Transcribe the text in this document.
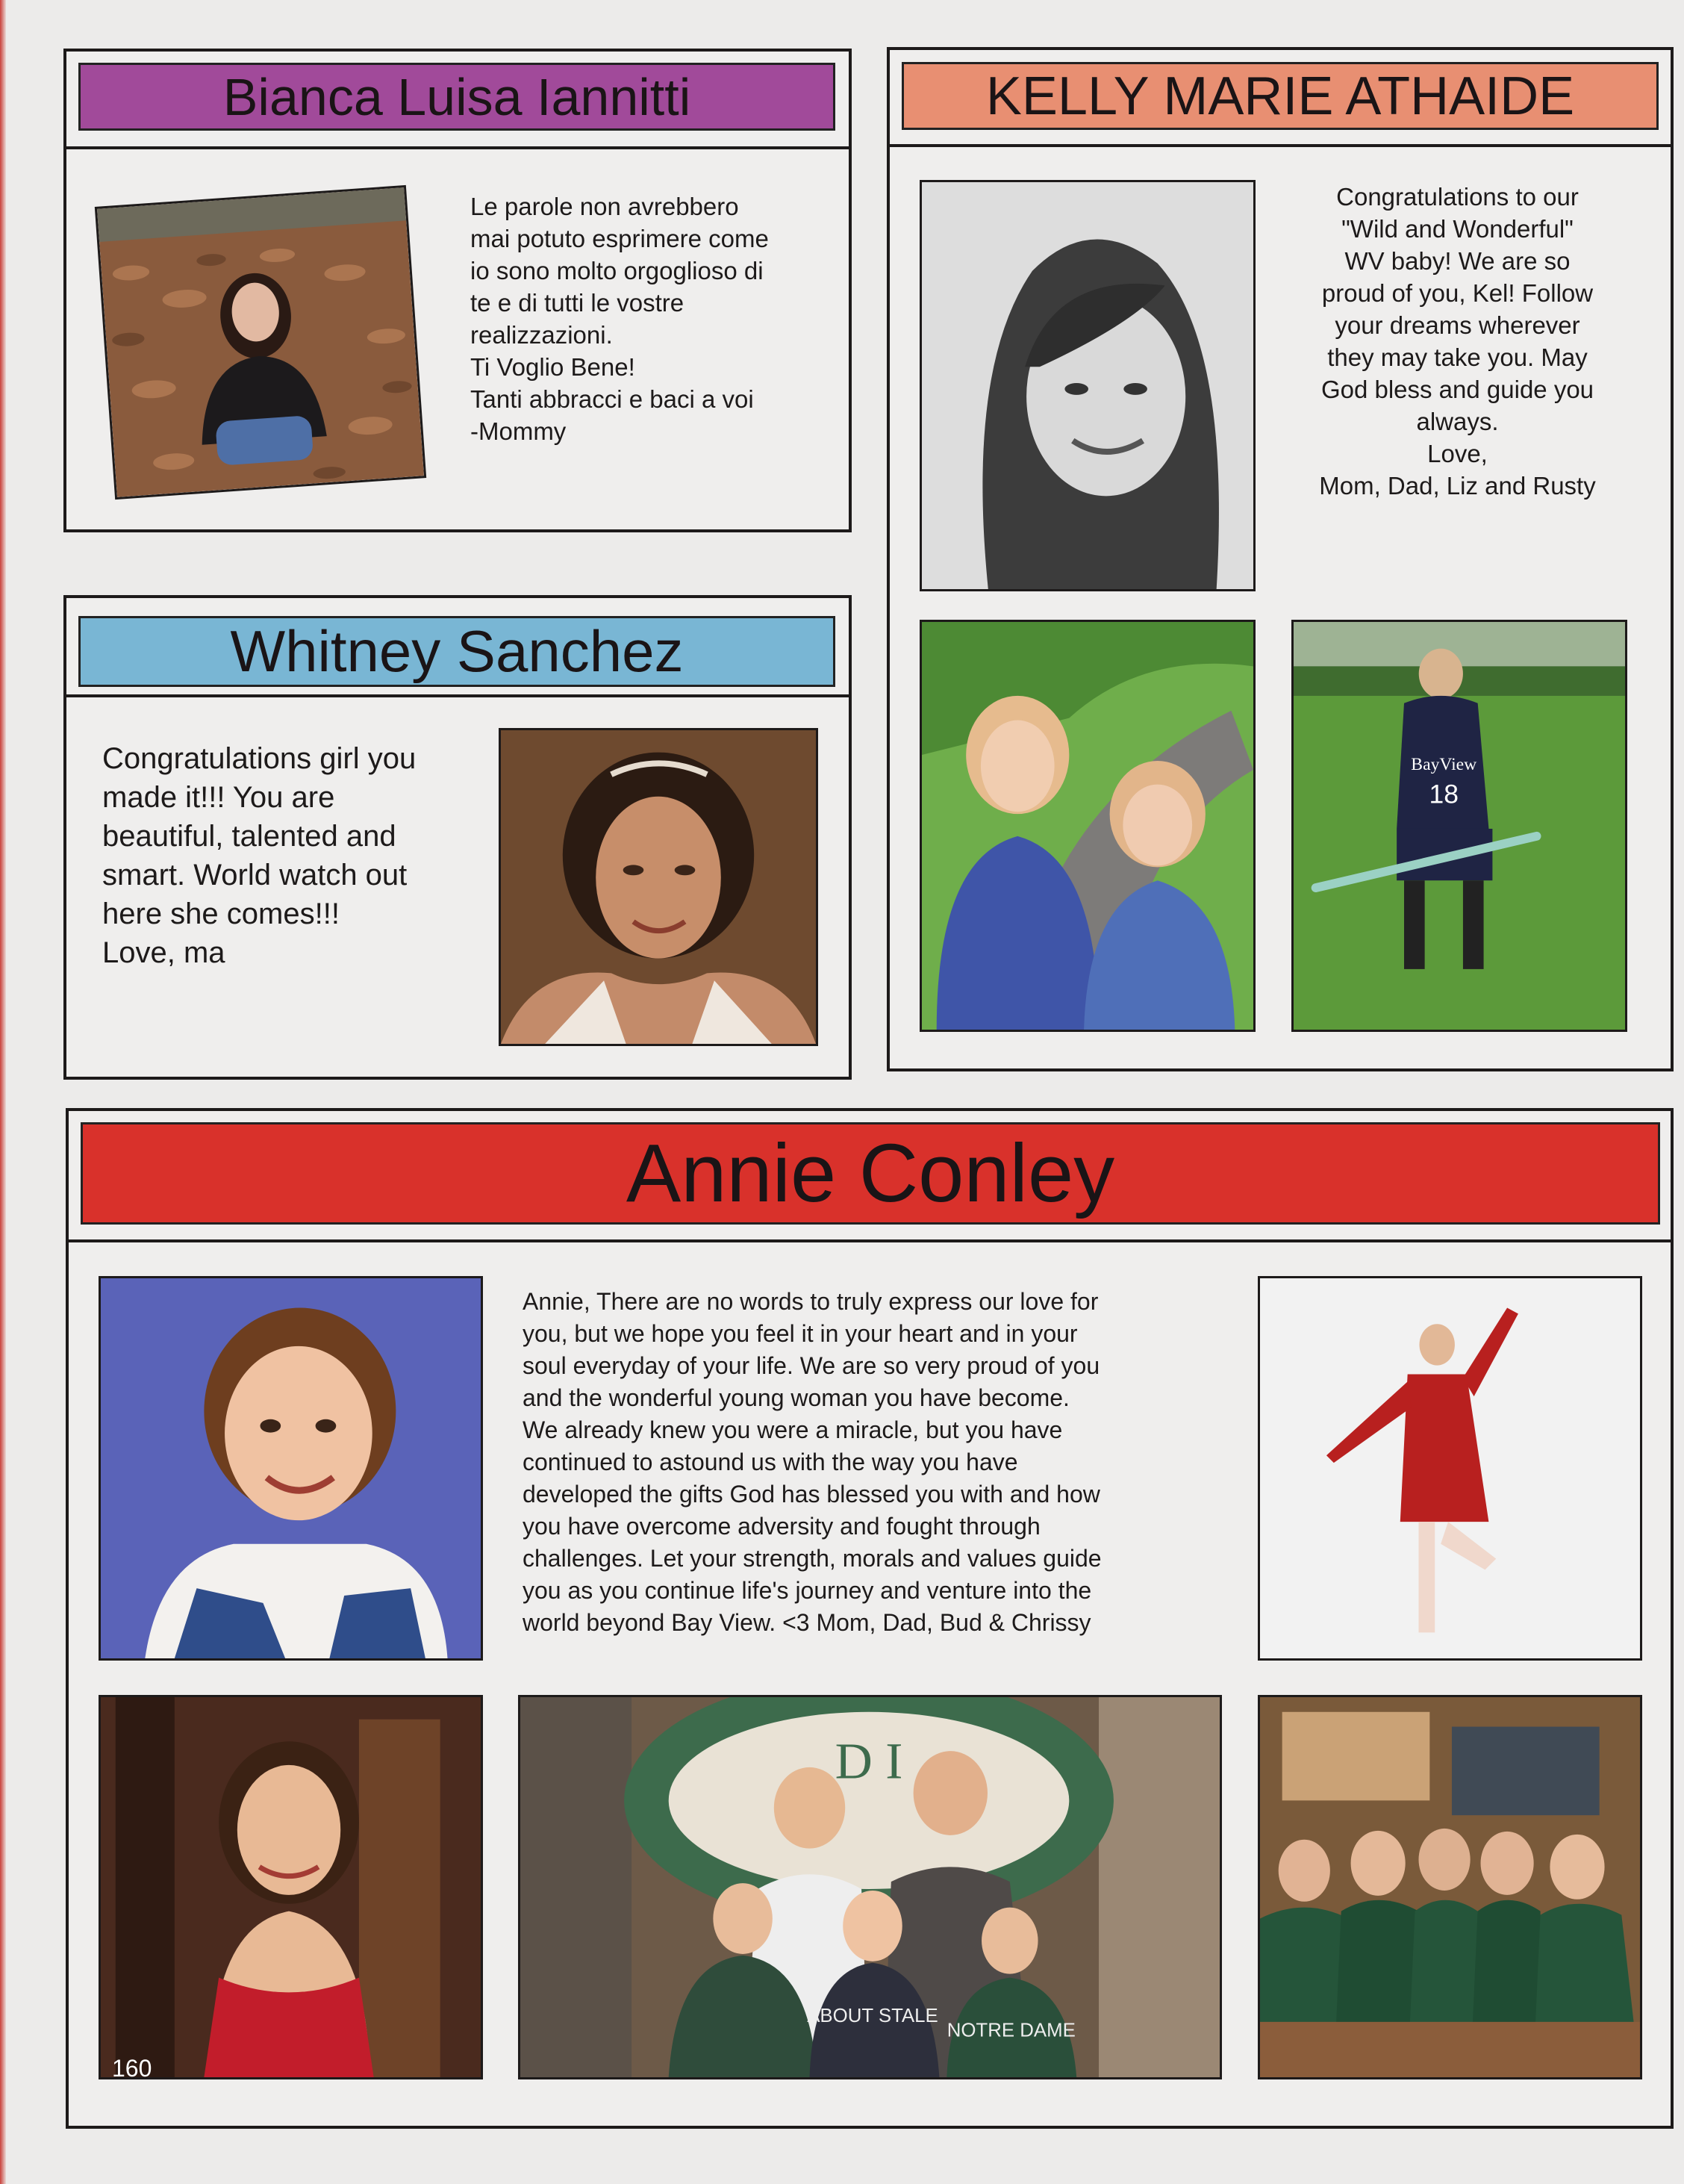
Bianca Luisa Iannitti

Le parole non avrebbero
mai potuto esprimere come
io sono molto orgoglioso di
te e di tutti le vostre
realizzazioni.
Ti Voglio Bene!
Tanti abbracci e baci a voi
-Mommy

KELLY MARIE ATHAIDE

Congratulations to our
"Wild and Wonderful"
WV baby! We are so
proud of you, Kel! Follow
your dreams wherever
they may take you. May
God bless and guide you
always.
Love,
Mom, Dad, Liz and Rusty

BayView
18
Whitney Sanchez

Congratulations girl you
made it!!! You are
beautiful, talented and
smart. World watch out
here she comes!!!
Love, ma

Annie Conley

Annie, There are no words to truly express our love for
you, but we hope you feel it in your heart and in your
soul everyday of your life. We are so very proud of you
and the wonderful young woman you have become.
We already knew you were a miracle, but you have
continued to astound us with the way you have
developed the gifts God has blessed you with and how
you have overcome adversity and fought through
challenges. Let your strength, morals and values guide
you as you continue life's journey and venture into the
world beyond Bay View. <3 Mom, Dad, Bud & Chrissy

160
D I
ABOUT STALE
NOTRE DAME
